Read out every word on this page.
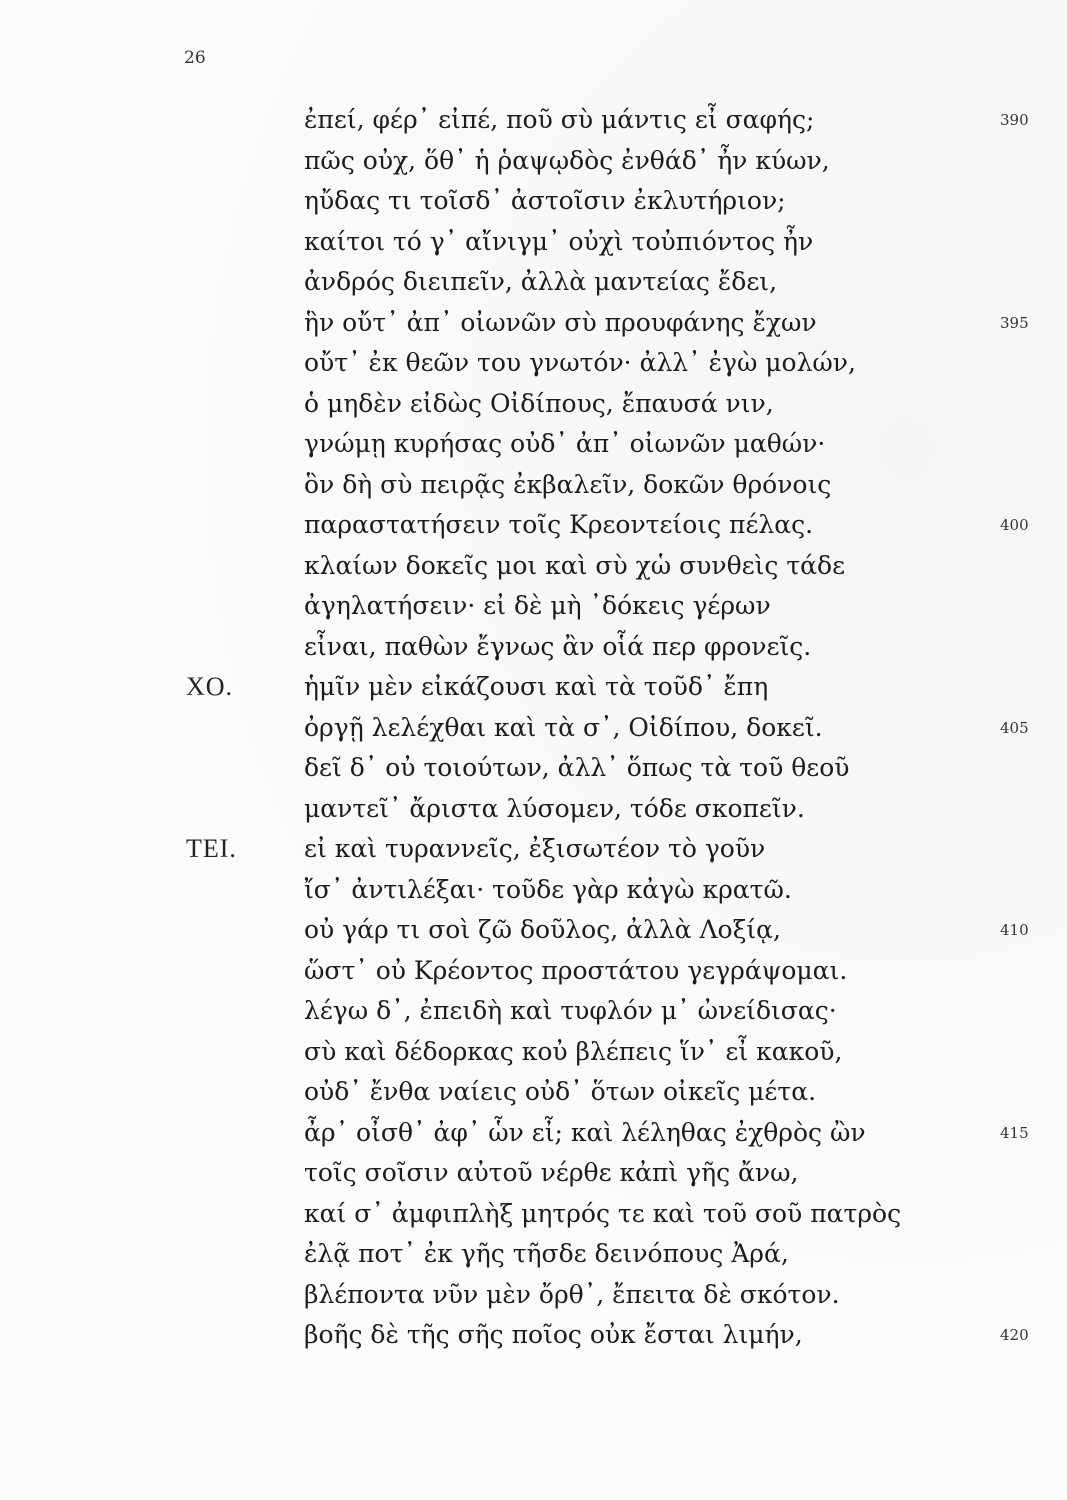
26
ἐπεί, φέρ᾽ εἰπέ, ποῦ σὺ μάντις εἶ σαφής;	390
πῶς οὐχ, ὅθ᾽ ἡ ῥαψῳδὸς ἐνθάδ᾽ ἦν κύων,
ηὔδας τι τοῖσδ᾽ ἀστοῖσιν ἐκλυτήριον;
καίτοι τό γ᾽ αἴνιγμ᾽ οὐχὶ τοὐπιόντος ἦν
ἀνδρός διειπεῖν, ἀλλὰ μαντείας ἔδει,
ἣν οὔτ᾽ ἀπ᾽ οἰωνῶν σὺ προυφάνης ἔχων	395
οὔτ᾽ ἐκ θεῶν του γνωτόν· ἀλλ᾽ ἐγὼ μολών,
ὁ μηδὲν εἰδὼς Οἰδίπους, ἔπαυσά νιν,
γνώμῃ κυρήσας οὐδ᾽ ἀπ᾽ οἰωνῶν μαθών·
ὃν δὴ σὺ πειρᾷς ἐκβαλεῖν, δοκῶν θρόνοις
παραστατήσειν τοῖς Κρεοντείοις πέλας.	400
κλαίων δοκεῖς μοι καὶ σὺ χὡ συνθεὶς τάδε
ἀγηλατήσειν· εἰ δὲ μὴ ᾽δόκεις γέρων
εἶναι, παθὼν ἔγνως ἂν οἷά περ φρονεῖς.
ΧΟ.	ἡμῖν μὲν εἰκάζουσι καὶ τὰ τοῦδ᾽ ἔπη
ὀργῇ λελέχθαι καὶ τὰ σ᾽, Οἰδίπου, δοκεῖ.	405
δεῖ δ᾽ οὐ τοιούτων, ἀλλ᾽ ὅπως τὰ τοῦ θεοῦ
μαντεῖ᾽ ἄριστα λύσομεν, τόδε σκοπεῖν.
ΤΕΙ.	εἰ καὶ τυραννεῖς, ἐξισωτέον τὸ γοῦν
ἴσ᾽ ἀντιλέξαι· τοῦδε γὰρ κἀγὼ κρατῶ.
οὐ γάρ τι σοὶ ζῶ δοῦλος, ἀλλὰ Λοξίᾳ,	410
ὥστ᾽ οὐ Κρέοντος προστάτου γεγράψομαι.
λέγω δ᾽, ἐπειδὴ καὶ τυφλόν μ᾽ ὠνείδισας·
σὺ καὶ δέδορκας κοὐ βλέπεις ἵν᾽ εἶ κακοῦ,
οὐδ᾽ ἔνθα ναίεις οὐδ᾽ ὅτων οἰκεῖς μέτα.
ἆρ᾽ οἶσθ᾽ ἀφ᾽ ὧν εἶ; καὶ λέληθας ἐχθρὸς ὢν	415
τοῖς σοῖσιν αὐτοῦ νέρθε κἀπὶ γῆς ἄνω,
καί σ᾽ ἀμφιπλὴξ μητρός τε καὶ τοῦ σοῦ πατρὸς
ἐλᾷ ποτ᾽ ἐκ γῆς τῆσδε δεινόπους Ἀρά,
βλέποντα νῦν μὲν ὄρθ᾽, ἔπειτα δὲ σκότον.
βοῆς δὲ τῆς σῆς ποῖος οὐκ ἔσται λιμήν,	420
